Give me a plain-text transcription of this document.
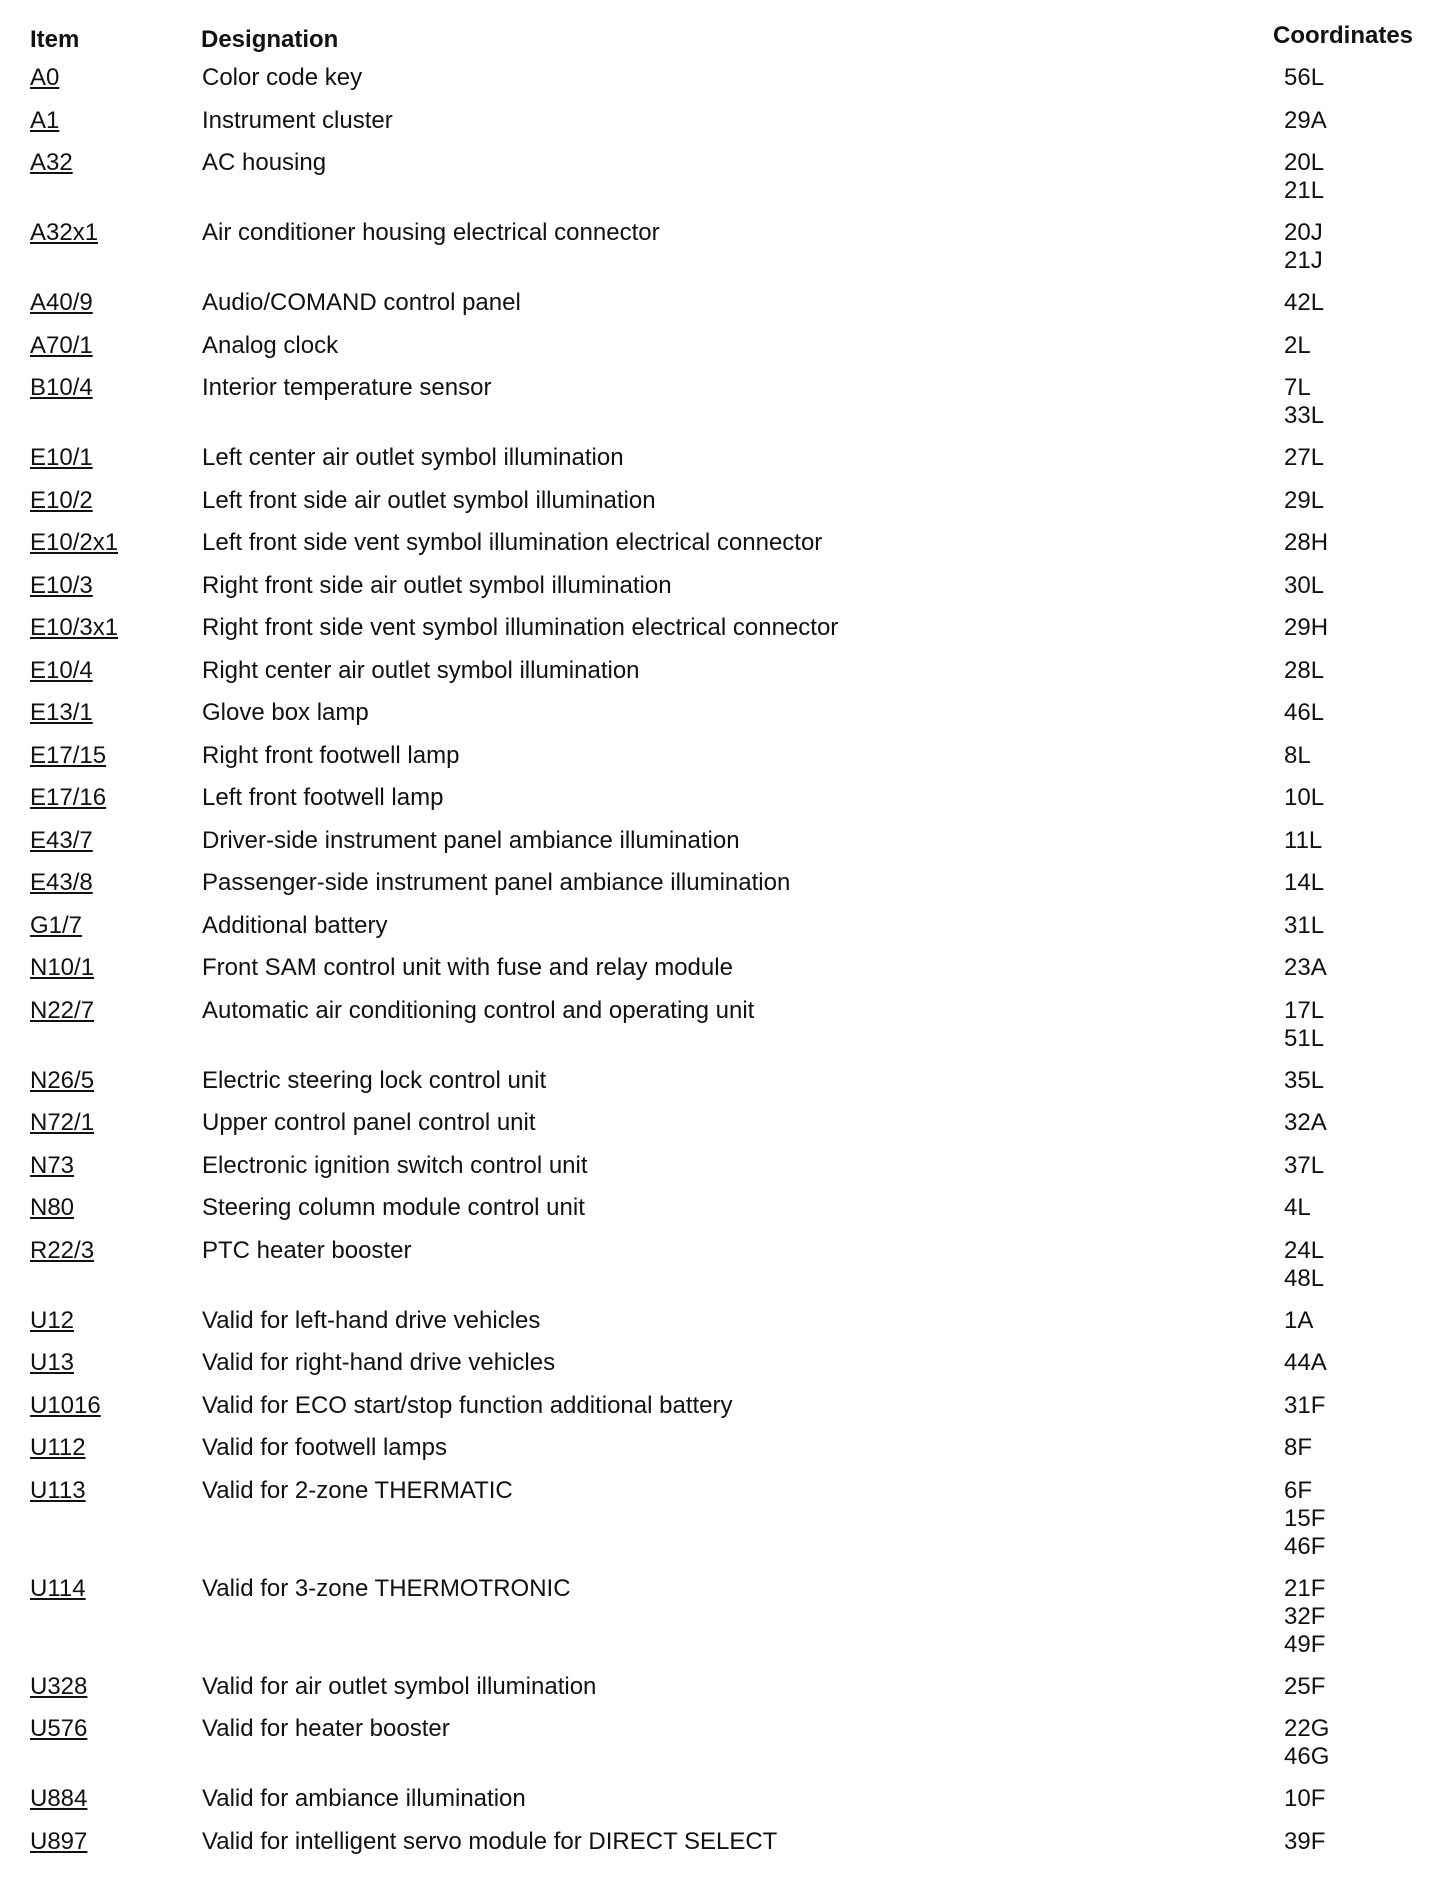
Item	Designation	Coordinates
A0	Color code key	56L
A1	Instrument cluster	29A
A32	AC housing	20L
21L
A32x1	Air conditioner housing electrical connector	20J
21J
A40/9	Audio/COMAND control panel	42L
A70/1	Analog clock	2L
B10/4	Interior temperature sensor	7L
33L
E10/1	Left center air outlet symbol illumination	27L
E10/2	Left front side air outlet symbol illumination	29L
E10/2x1	Left front side vent symbol illumination electrical connector	28H
E10/3	Right front side air outlet symbol illumination	30L
E10/3x1	Right front side vent symbol illumination electrical connector	29H
E10/4	Right center air outlet symbol illumination	28L
E13/1	Glove box lamp	46L
E17/15	Right front footwell lamp	8L
E17/16	Left front footwell lamp	10L
E43/7	Driver-side instrument panel ambiance illumination	11L
E43/8	Passenger-side instrument panel ambiance illumination	14L
G1/7	Additional battery	31L
N10/1	Front SAM control unit with fuse and relay module	23A
N22/7	Automatic air conditioning control and operating unit	17L
51L
N26/5	Electric steering lock control unit	35L
N72/1	Upper control panel control unit	32A
N73	Electronic ignition switch control unit	37L
N80	Steering column module control unit	4L
R22/3	PTC heater booster	24L
48L
U12	Valid for left-hand drive vehicles	1A
U13	Valid for right-hand drive vehicles	44A
U1016	Valid for ECO start/stop function additional battery	31F
U112	Valid for footwell lamps	8F
U113	Valid for 2-zone THERMATIC	6F
15F
46F
U114	Valid for 3-zone THERMOTRONIC	21F
32F
49F
U328	Valid for air outlet symbol illumination	25F
U576	Valid for heater booster	22G
46G
U884	Valid for ambiance illumination	10F
U897	Valid for intelligent servo module for DIRECT SELECT	39F
